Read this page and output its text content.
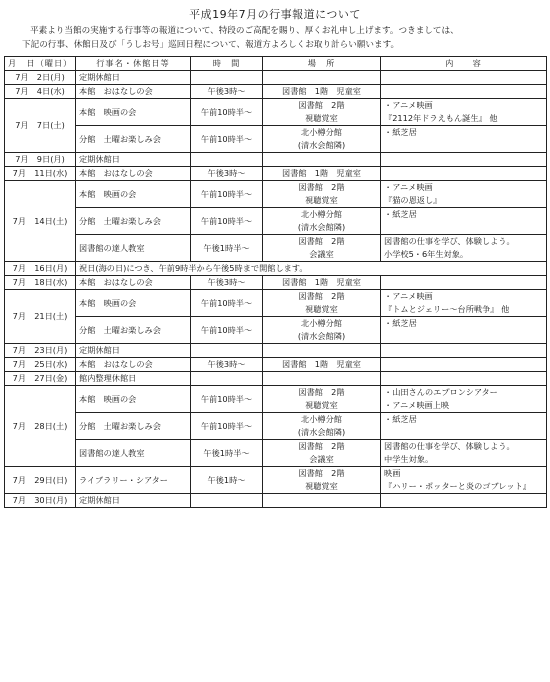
平成19年7月の行事報道について
平素より当館の実施する行事等の報道について、特段のご高配を賜り、厚くお礼申し上げます。つきましては、
下記の行事、休館日及び「うしお号」巡回日程について、報道方よろしくお取り計らい願います。
月　日（曜日）	行事名・休館日等	時　間	場　所	内　　容
7月　2日(月)	定期休館日			
7月　4日(水)	本館　おはなしの会	午後3時～	図書館　1階　児童室	
7月　7日(土)	本館　映画の会	午前10時半～	図書館　2階	・アニメ映画
			視聴覚室	『2112年ドラえもん誕生』 他
	分館　土曜お楽しみ会	午前10時半～	北小樽分館	・紙芝居
			(清水会館隣)	
7月　9日(月)	定期休館日			
7月　11日(水)	本館　おはなしの会	午後3時～	図書館　1階　児童室	
7月　14日(土)	本館　映画の会	午前10時半～	図書館　2階	・アニメ映画
			視聴覚室	『猫の恩返し』
	分館　土曜お楽しみ会	午前10時半～	北小樽分館	・紙芝居
			(清水会館隣)	
	図書館の達人教室	午後1時半～	図書館　2階	図書館の仕事を学び、体験しよう。
			会議室	小学校5・6年生対象。
7月　16日(月)	祝日(海の日)につき、午前9時半から午後5時まで開館します。			
7月　18日(水)	本館　おはなしの会	午後3時～	図書館　1階　児童室	
7月　21日(土)	本館　映画の会	午前10時半～	図書館　2階	・アニメ映画
			視聴覚室	『トムとジェリー～台所戦争』 他
	分館　土曜お楽しみ会	午前10時半～	北小樽分館	・紙芝居
			(清水会館隣)	
7月　23日(月)	定期休館日			
7月　25日(水)	本館　おはなしの会	午後3時～	図書館　1階　児童室	
7月　27日(金)	館内整理休館日			
7月　28日(土)	本館　映画の会	午前10時半～	図書館　2階	・山田さんのエプロンシアター
			視聴覚室	・アニメ映画上映
	分館　土曜お楽しみ会	午前10時半～	北小樽分館	・紙芝居
			(清水会館隣)	
	図書館の達人教室	午後1時半～	図書館　2階	図書館の仕事を学び、体験しよう。
			会議室	中学生対象。
7月　29日(日)	ライブラリー・シアター	午後1時～	図書館　2階	映画
			視聴覚室	『ハリー・ポッターと炎のゴブレット』
7月　30日(月)	定期休館日			
